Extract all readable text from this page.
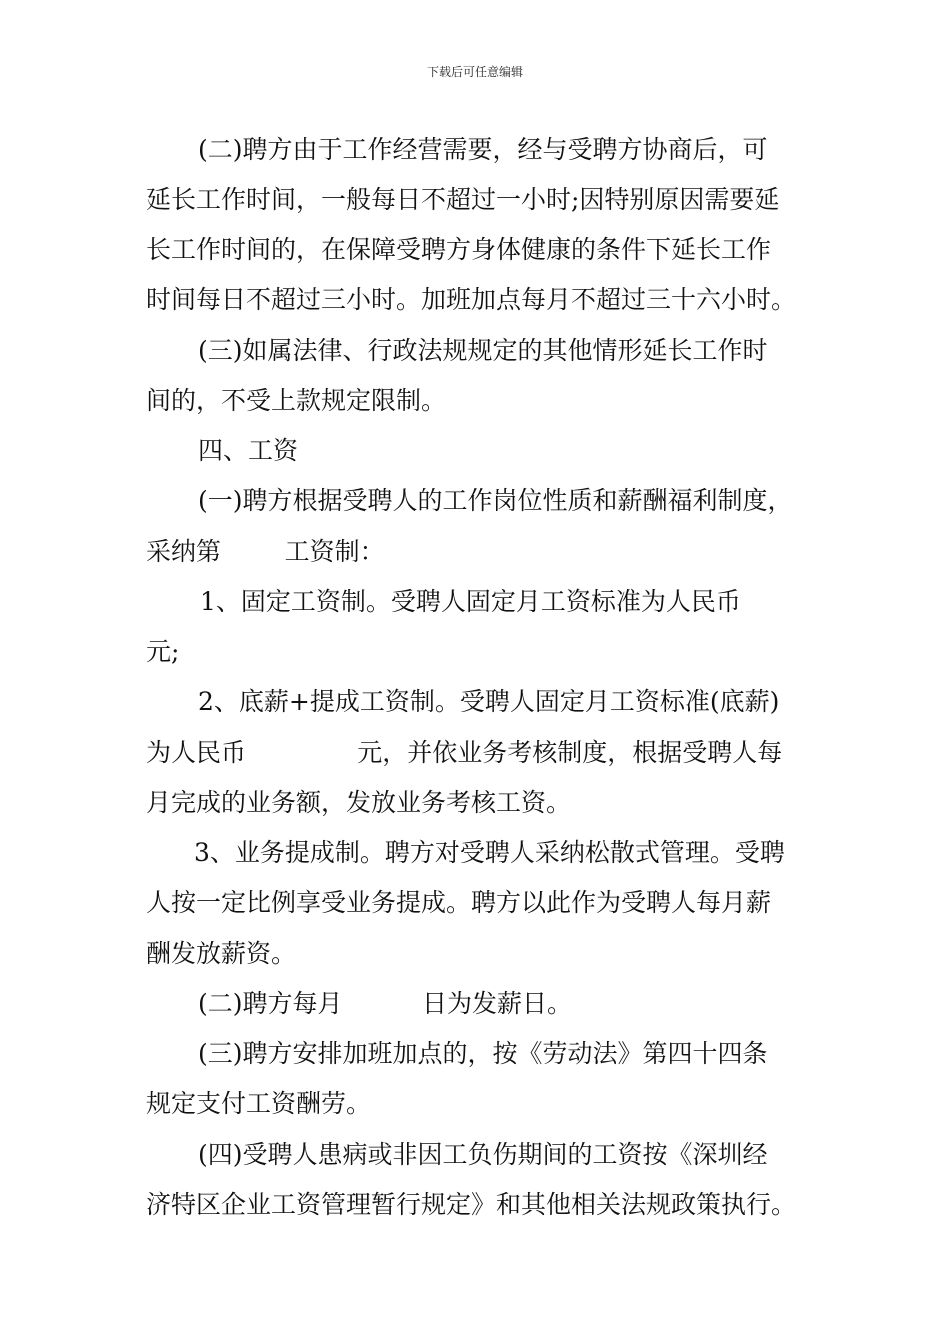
下载后可任意编辑
(二)聘方由于工作经营需要，经与受聘方协商后，可
延长工作时间，一般每日不超过一小时;因特别原因需要延
长工作时间的，在保障受聘方身体健康的条件下延长工作
时间每日不超过三小时。加班加点每月不超过三十六小时。
(三)如属法律、行政法规规定的其他情形延长工作时
间的，不受上款规定限制。
四、工资
(一)聘方根据受聘人的工作岗位性质和薪酬福利制度，
采纳第        工资制：
1、固定工资制。受聘人固定月工资标准为人民币
元;
2、底薪+提成工资制。受聘人固定月工资标准(底薪)
为人民币              元，并依业务考核制度，根据受聘人每
月完成的业务额，发放业务考核工资。
3、业务提成制。聘方对受聘人采纳松散式管理。受聘
人按一定比例享受业务提成。聘方以此作为受聘人每月薪
酬发放薪资。
(二)聘方每月          日为发薪日。
(三)聘方安排加班加点的，按《劳动法》第四十四条
规定支付工资酬劳。
(四)受聘人患病或非因工负伤期间的工资按《深圳经
济特区企业工资管理暂行规定》和其他相关法规政策执行。
